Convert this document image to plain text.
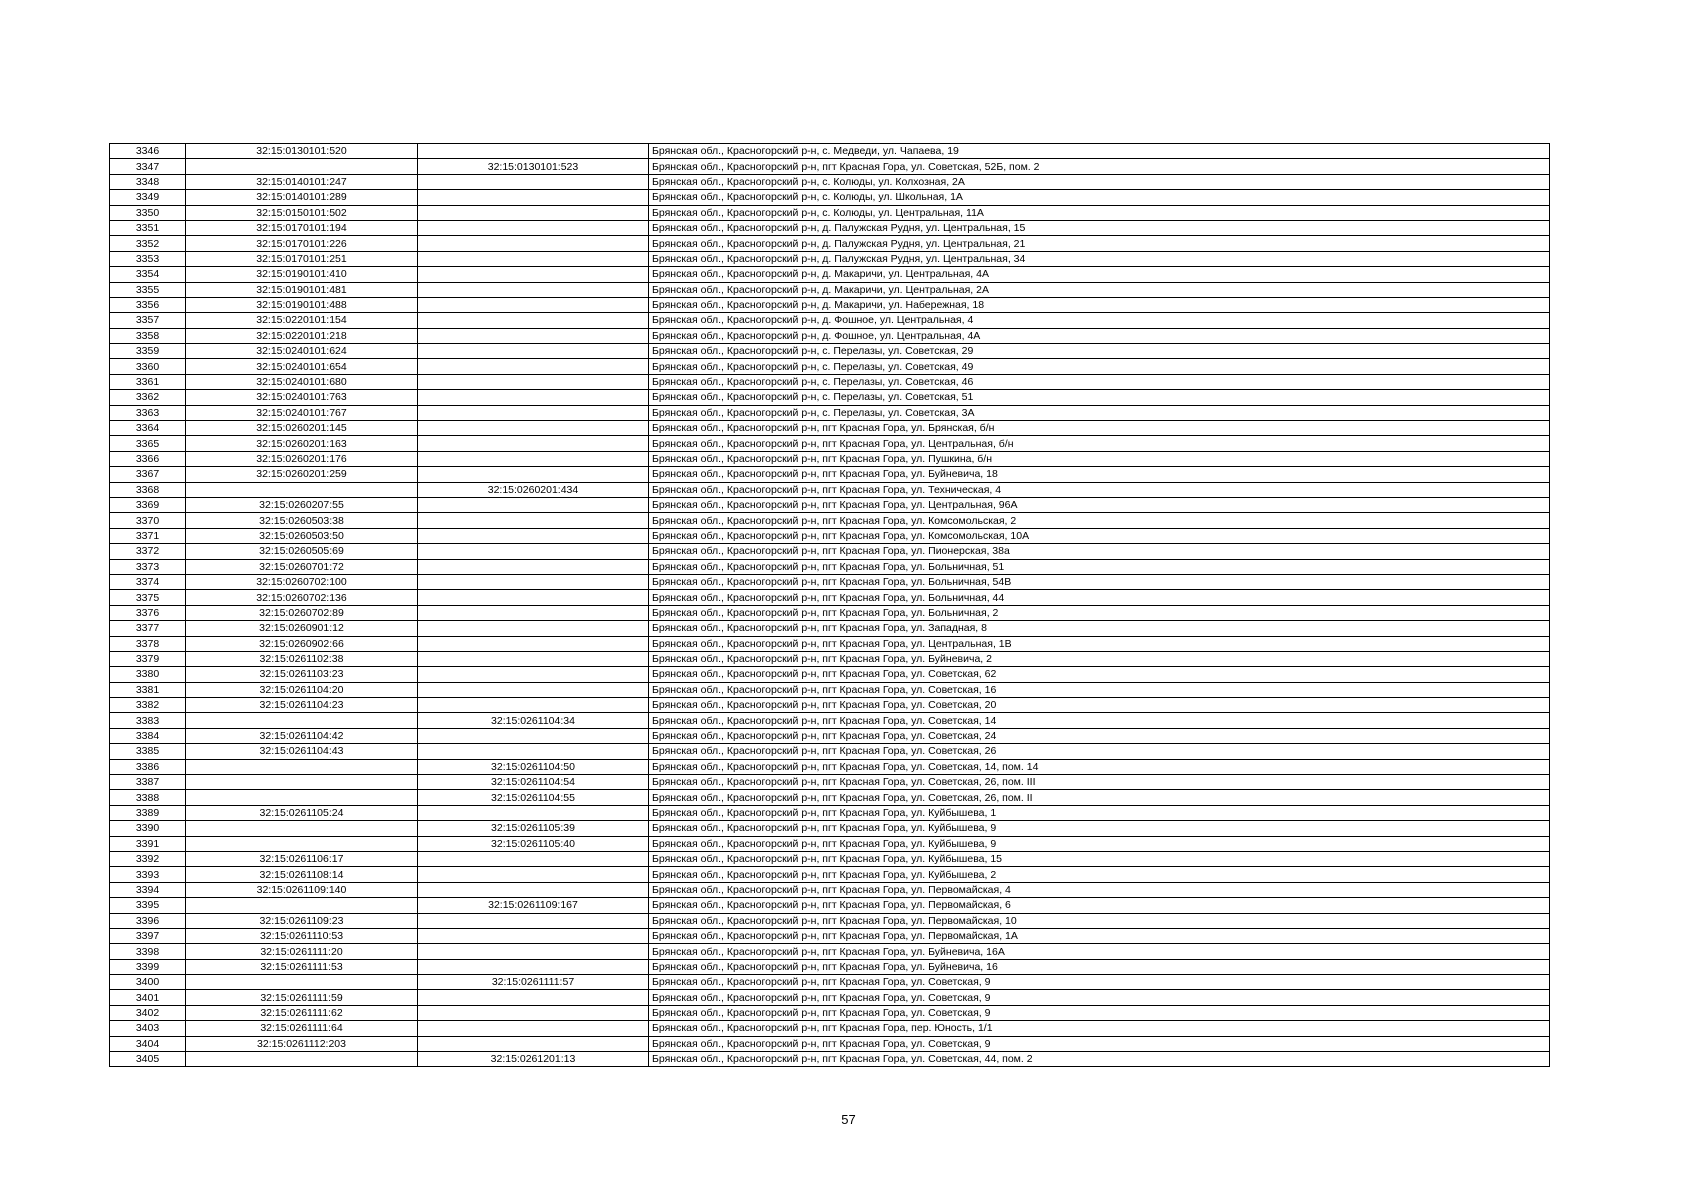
3346	32:15:0130101:520		Брянская обл., Красногорский р-н, с. Медведи, ул. Чапаева, 19
3347		32:15:0130101:523	Брянская обл., Красногорский р-н, пгт Красная Гора, ул. Советская, 52Б, пом. 2
3348	32:15:0140101:247		Брянская обл., Красногорский р-н, с. Колюды, ул. Колхозная, 2А
3349	32:15:0140101:289		Брянская обл., Красногорский р-н, с. Колюды, ул. Школьная, 1А
3350	32:15:0150101:502		Брянская обл., Красногорский р-н, с. Колюды, ул. Центральная, 11А
3351	32:15:0170101:194		Брянская обл., Красногорский р-н, д. Палужская Рудня, ул. Центральная, 15
3352	32:15:0170101:226		Брянская обл., Красногорский р-н, д. Палужская Рудня, ул. Центральная, 21
3353	32:15:0170101:251		Брянская обл., Красногорский р-н, д. Палужская Рудня, ул. Центральная, 34
3354	32:15:0190101:410		Брянская обл., Красногорский р-н, д. Макаричи, ул. Центральная, 4А
3355	32:15:0190101:481		Брянская обл., Красногорский р-н, д. Макаричи, ул. Центральная, 2А
3356	32:15:0190101:488		Брянская обл., Красногорский р-н, д. Макаричи, ул. Набережная, 18
3357	32:15:0220101:154		Брянская обл., Красногорский р-н, д. Фошное, ул. Центральная, 4
3358	32:15:0220101:218		Брянская обл., Красногорский р-н, д. Фошное, ул. Центральная, 4А
3359	32:15:0240101:624		Брянская обл., Красногорский р-н, с. Перелазы, ул. Советская, 29
3360	32:15:0240101:654		Брянская обл., Красногорский р-н, с. Перелазы, ул. Советская, 49
3361	32:15:0240101:680		Брянская обл., Красногорский р-н, с. Перелазы, ул. Советская, 46
3362	32:15:0240101:763		Брянская обл., Красногорский р-н, с. Перелазы, ул. Советская, 51
3363	32:15:0240101:767		Брянская обл., Красногорский р-н, с. Перелазы, ул. Советская, 3А
3364	32:15:0260201:145		Брянская обл., Красногорский р-н, пгт Красная Гора, ул. Брянская, б/н
3365	32:15:0260201:163		Брянская обл., Красногорский р-н, пгт Красная Гора, ул. Центральная, б/н
3366	32:15:0260201:176		Брянская обл., Красногорский р-н, пгт Красная Гора, ул. Пушкина, б/н
3367	32:15:0260201:259		Брянская обл., Красногорский р-н, пгт Красная Гора, ул. Буйневича, 18
3368		32:15:0260201:434	Брянская обл., Красногорский р-н, пгт Красная Гора, ул. Техническая, 4
3369	32:15:0260207:55		Брянская обл., Красногорский р-н, пгт Красная Гора, ул. Центральная, 96А
3370	32:15:0260503:38		Брянская обл., Красногорский р-н, пгт Красная Гора, ул. Комсомольская, 2
3371	32:15:0260503:50		Брянская обл., Красногорский р-н, пгт Красная Гора, ул. Комсомольская, 10А
3372	32:15:0260505:69		Брянская обл., Красногорский р-н, пгт Красная Гора, ул. Пионерская, 38а
3373	32:15:0260701:72		Брянская обл., Красногорский р-н, пгт Красная Гора, ул. Больничная, 51
3374	32:15:0260702:100		Брянская обл., Красногорский р-н, пгт Красная Гора, ул. Больничная, 54В
3375	32:15:0260702:136		Брянская обл., Красногорский р-н, пгт Красная Гора, ул. Больничная, 44
3376	32:15:0260702:89		Брянская обл., Красногорский р-н, пгт Красная Гора, ул. Больничная, 2
3377	32:15:0260901:12		Брянская обл., Красногорский р-н, пгт Красная Гора, ул. Западная, 8
3378	32:15:0260902:66		Брянская обл., Красногорский р-н, пгт Красная Гора, ул. Центральная, 1В
3379	32:15:0261102:38		Брянская обл., Красногорский р-н, пгт Красная Гора, ул. Буйневича, 2
3380	32:15:0261103:23		Брянская обл., Красногорский р-н, пгт Красная Гора, ул. Советская, 62
3381	32:15:0261104:20		Брянская обл., Красногорский р-н, пгт Красная Гора, ул. Советская, 16
3382	32:15:0261104:23		Брянская обл., Красногорский р-н, пгт Красная Гора, ул. Советская, 20
3383		32:15:0261104:34	Брянская обл., Красногорский р-н, пгт Красная Гора, ул. Советская, 14
3384	32:15:0261104:42		Брянская обл., Красногорский р-н, пгт Красная Гора, ул. Советская, 24
3385	32:15:0261104:43		Брянская обл., Красногорский р-н, пгт Красная Гора, ул. Советская, 26
3386		32:15:0261104:50	Брянская обл., Красногорский р-н, пгт Красная Гора, ул. Советская, 14, пом. 14
3387		32:15:0261104:54	Брянская обл., Красногорский р-н, пгт Красная Гора, ул. Советская, 26, пом. III
3388		32:15:0261104:55	Брянская обл., Красногорский р-н, пгт Красная Гора, ул. Советская, 26, пом. II
3389	32:15:0261105:24		Брянская обл., Красногорский р-н, пгт Красная Гора, ул. Куйбышева, 1
3390		32:15:0261105:39	Брянская обл., Красногорский р-н, пгт Красная Гора, ул. Куйбышева, 9
3391		32:15:0261105:40	Брянская обл., Красногорский р-н, пгт Красная Гора, ул. Куйбышева, 9
3392	32:15:0261106:17		Брянская обл., Красногорский р-н, пгт Красная Гора, ул. Куйбышева, 15
3393	32:15:0261108:14		Брянская обл., Красногорский р-н, пгт Красная Гора, ул. Куйбышева, 2
3394	32:15:0261109:140		Брянская обл., Красногорский р-н, пгт Красная Гора, ул. Первомайская, 4
3395		32:15:0261109:167	Брянская обл., Красногорский р-н, пгт Красная Гора, ул. Первомайская, 6
3396	32:15:0261109:23		Брянская обл., Красногорский р-н, пгт Красная Гора, ул. Первомайская, 10
3397	32:15:0261110:53		Брянская обл., Красногорский р-н, пгт Красная Гора, ул. Первомайская, 1А
3398	32:15:0261111:20		Брянская обл., Красногорский р-н, пгт Красная Гора, ул. Буйневича, 16А
3399	32:15:0261111:53		Брянская обл., Красногорский р-н, пгт Красная Гора, ул. Буйневича, 16
3400		32:15:0261111:57	Брянская обл., Красногорский р-н, пгт Красная Гора, ул. Советская, 9
3401	32:15:0261111:59		Брянская обл., Красногорский р-н, пгт Красная Гора, ул. Советская, 9
3402	32:15:0261111:62		Брянская обл., Красногорский р-н, пгт Красная Гора, ул. Советская, 9
3403	32:15:0261111:64		Брянская обл., Красногорский р-н, пгт Красная Гора, пер. Юность, 1/1
3404	32:15:0261112:203		Брянская обл., Красногорский р-н, пгт Красная Гора, ул. Советская, 9
3405		32:15:0261201:13	Брянская обл., Красногорский р-н, пгт Красная Гора, ул. Советская, 44, пом. 2
57
